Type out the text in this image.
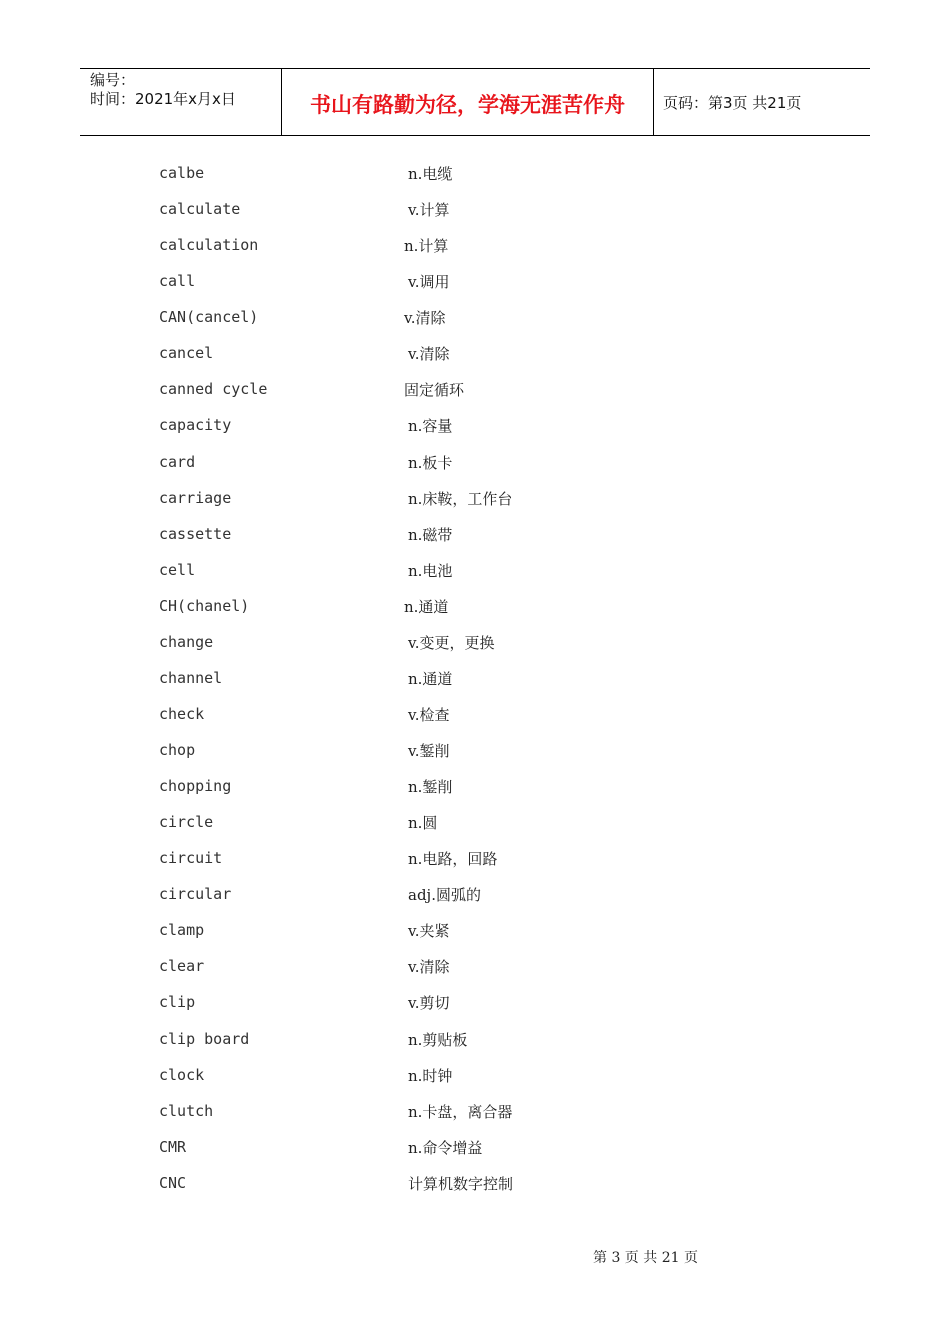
编号：
时间：2021年x月x日	书山有路勤为径，学海无涯苦作舟	页码：第3页 共21页
calbe	n.电缆
calculate	v.计算
calculation	n.计算
call	v.调用
CAN(cancel)	v.清除
cancel	v.清除
canned cycle	固定循环
capacity	n.容量
card	n.板卡
carriage	n.床鞍，工作台
cassette	n.磁带
cell	n.电池
CH(chanel)	n.通道
change	v.变更，更换
channel	n.通道
check	v.检查
chop	v.錾削
chopping	n.錾削
circle	n.圆
circuit	n.电路，回路
circular	adj.圆弧的
clamp	v.夹紧
clear	v.清除
clip	v.剪切
clip board	n.剪贴板
clock	n.时钟
clutch	n.卡盘，离合器
CMR	n.命令增益
CNC	计算机数字控制
第 3 页 共 21 页
